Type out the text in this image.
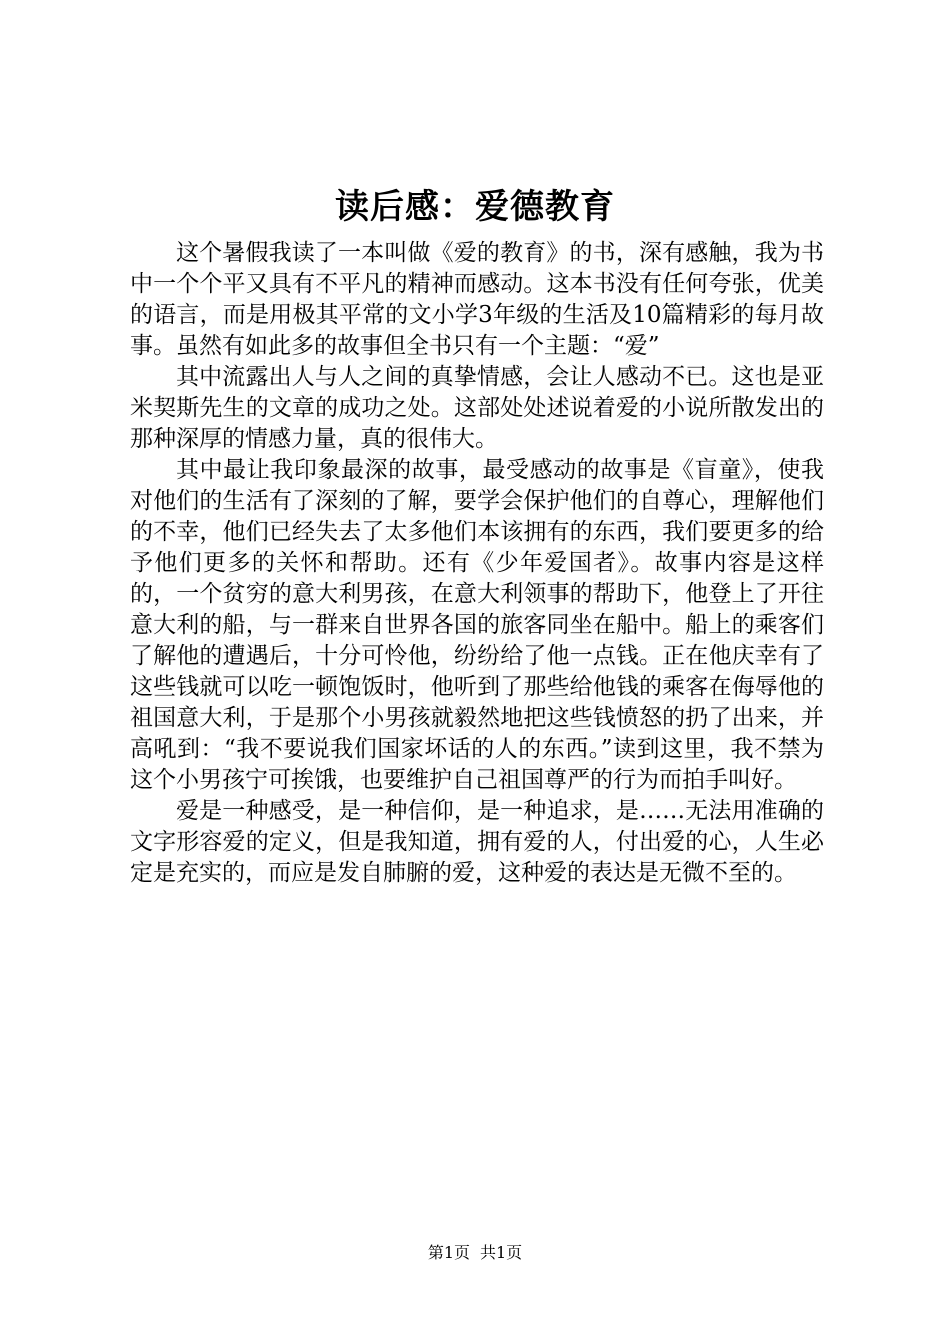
读后感：爱德教育

这个暑假我读了一本叫做《爱的教育》的书，深有感触，我为书中一个个平又具有不平凡的精神而感动。这本书没有任何夸张，优美的语言，而是用极其平常的文小学3年级的生活及10篇精彩的每月故事。虽然有如此多的故事但全书只有一个主题：“爱”

其中流露出人与人之间的真挚情感，会让人感动不已。这也是亚米契斯先生的文章的成功之处。这部处处述说着爱的小说所散发出的那种深厚的情感力量，真的很伟大。

其中最让我印象最深的故事，最受感动的故事是《盲童》，使我对他们的生活有了深刻的了解，要学会保护他们的自尊心，理解他们的不幸，他们已经失去了太多他们本该拥有的东西，我们要更多的给予他们更多的关怀和帮助。还有《少年爱国者》。故事内容是这样的，一个贫穷的意大利男孩，在意大利领事的帮助下，他登上了开往意大利的船，与一群来自世界各国的旅客同坐在船中。船上的乘客们了解他的遭遇后，十分可怜他，纷纷给了他一点钱。正在他庆幸有了这些钱就可以吃一顿饱饭时，他听到了那些给他钱的乘客在侮辱他的祖国意大利，于是那个小男孩就毅然地把这些钱愤怒的扔了出来，并高吼到：“我不要说我们国家坏话的人的东西。”读到这里，我不禁为这个小男孩宁可挨饿，也要维护自己祖国尊严的行为而拍手叫好。

爱是一种感受，是一种信仰，是一种追求，是……无法用准确的文字形容爱的定义，但是我知道，拥有爱的人，付出爱的心，人生必定是充实的，而应是发自肺腑的爱，这种爱的表达是无微不至的。

第1页 共1页
